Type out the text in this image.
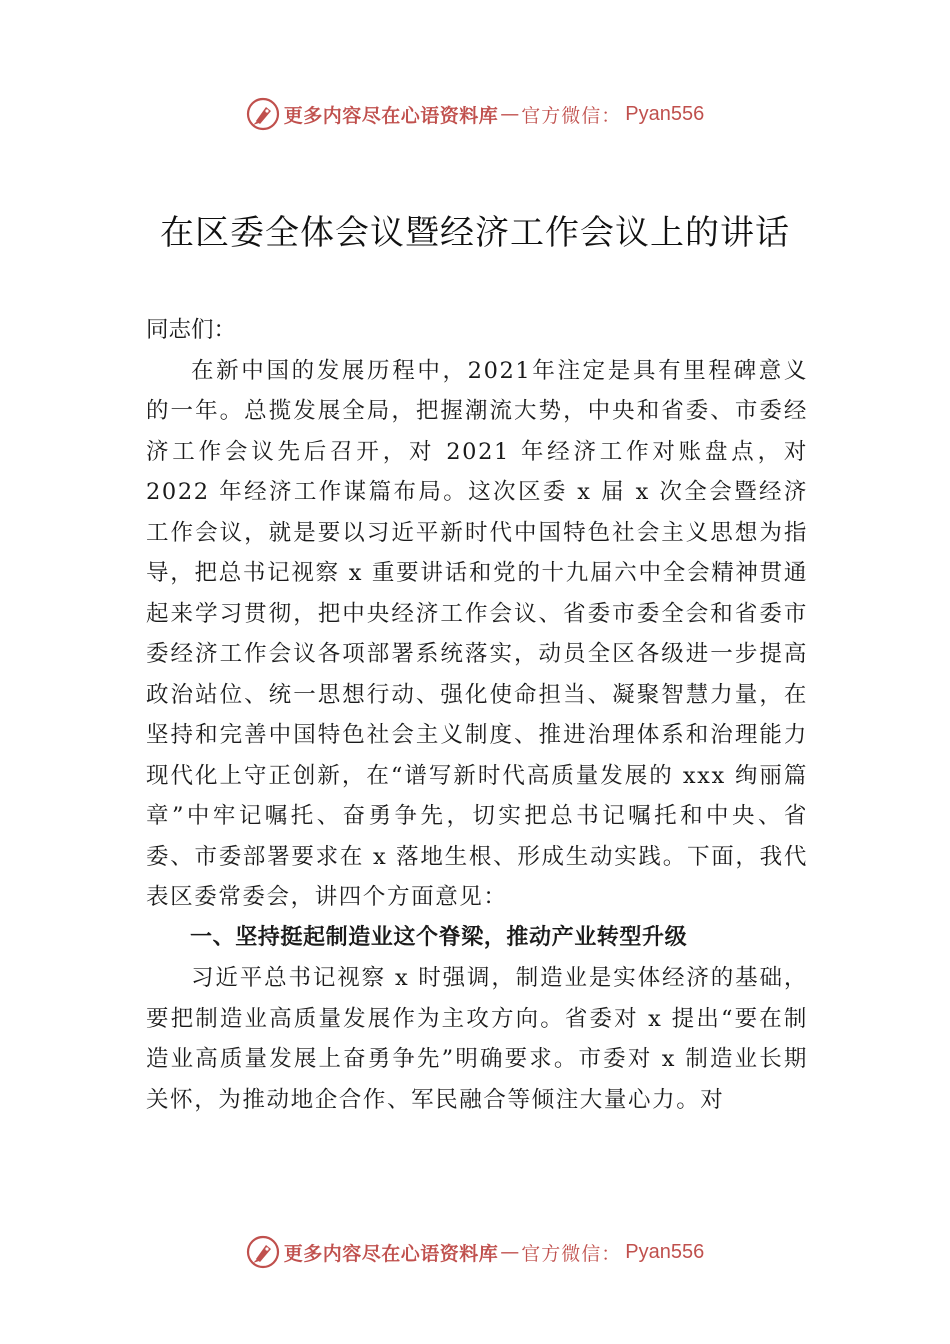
更多内容尽在心语资料库 — 官方微信： Pyan556
在区委全体会议暨经济工作会议上的讲话

同志们：

在新中国的发展历程中，2021年注定是具有里程碑意义的一年。总揽发展全局，把握潮流大势，中央和省委、市委经济工作会议先后召开，对 2021 年经济工作对账盘点，对 2022 年经济工作谋篇布局。这次区委 x 届 x 次全会暨经济工作会议，就是要以习近平新时代中国特色社会主义思想为指导，把总书记视察 x 重要讲话和党的十九届六中全会精神贯通起来学习贯彻，把中央经济工作会议、省委市委全会和省委市委经济工作会议各项部署系统落实，动员全区各级进一步提高政治站位、统一思想行动、强化使命担当、凝聚智慧力量，在坚持和完善中国特色社会主义制度、推进治理体系和治理能力现代化上守正创新，在“谱写新时代高质量发展的 xxx 绚丽篇章”中牢记嘱托、奋勇争先，切实把总书记嘱托和中央、省委、市委部署要求在 x 落地生根、形成生动实践。下面，我代表区委常委会，讲四个方面意见：

一、坚持挺起制造业这个脊梁，推动产业转型升级

习近平总书记视察 x 时强调，制造业是实体经济的基础，要把制造业高质量发展作为主攻方向。省委对 x 提出“要在制造业高质量发展上奋勇争先”明确要求。市委对 x 制造业长期关怀，为推动地企合作、军民融合等倾注大量心力。对

更多内容尽在心语资料库 — 官方微信： Pyan556
